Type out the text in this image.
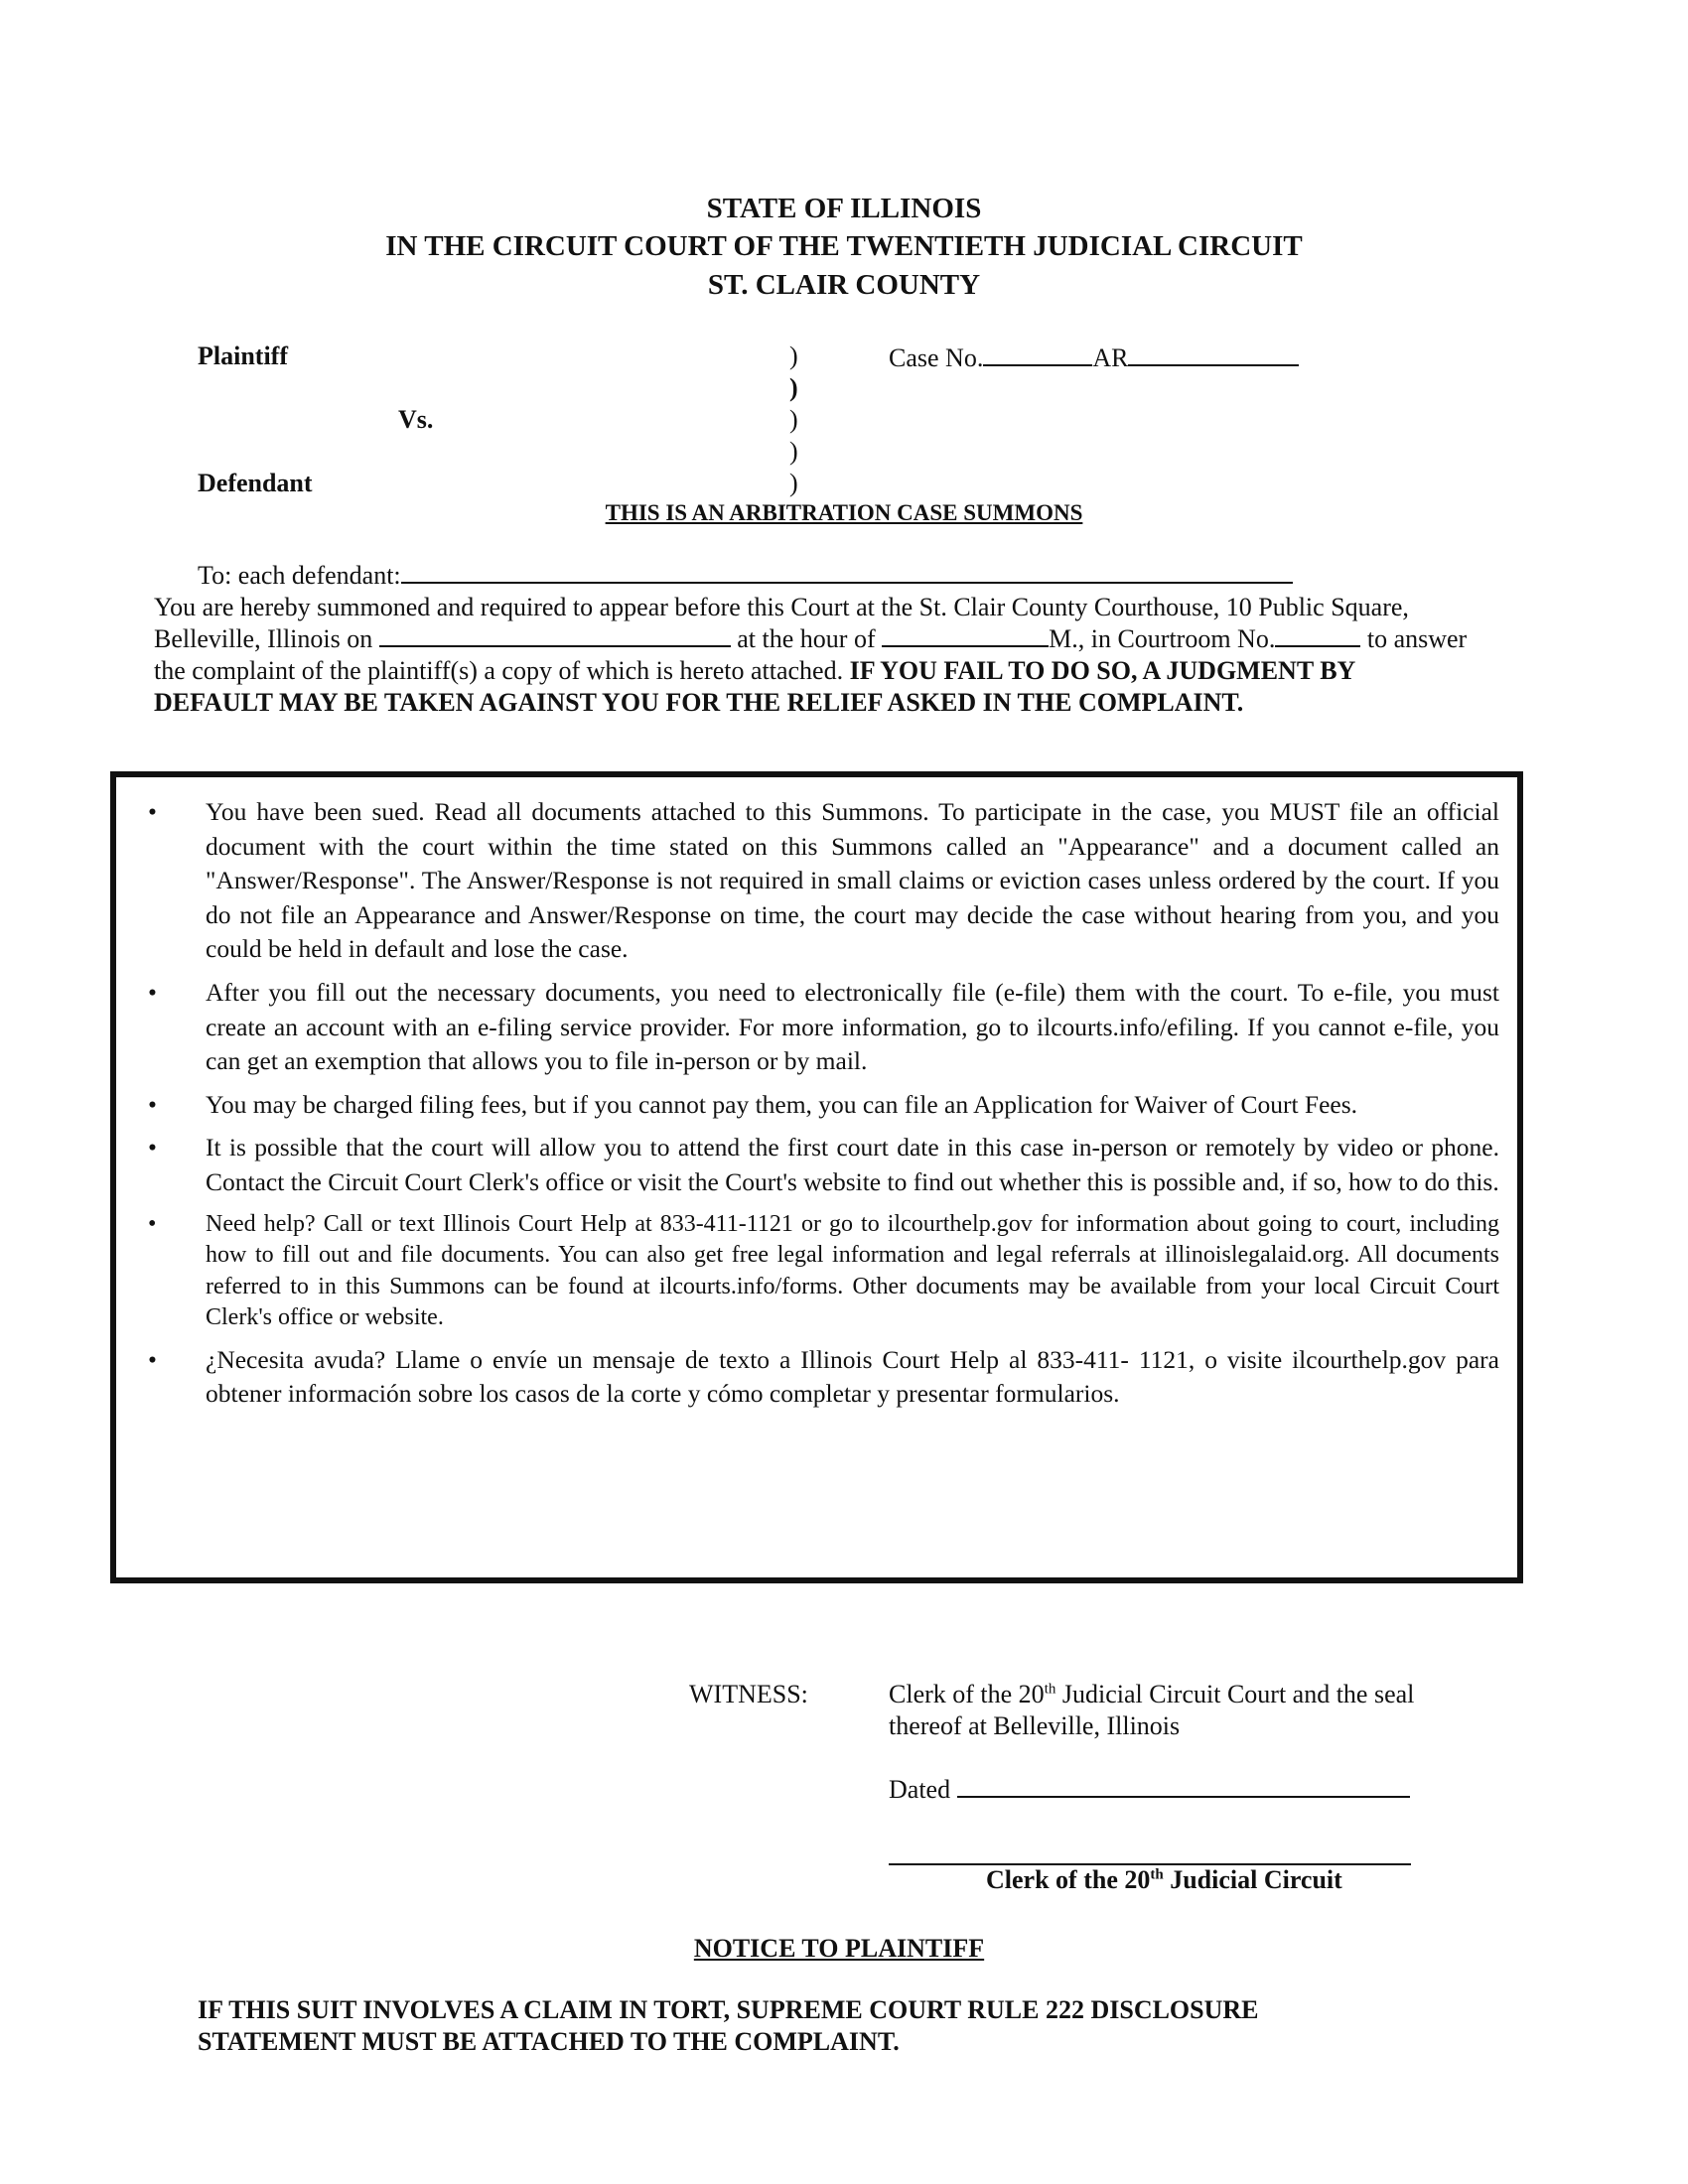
STATE OF ILLINOIS
IN THE CIRCUIT COURT OF THE TWENTIETH JUDICIAL CIRCUIT
ST. CLAIR COUNTY
Plaintiff
Vs.
Defendant
)
)
)
)
)
Case No.	AR
THIS IS AN ARBITRATION CASE SUMMONS
To: each defendant:
You are hereby summoned and required to appear before this Court at the St. Clair County Courthouse, 10 Public Square,
Belleville, Illinois on	at the hour of	M., in Courtroom No.	to answer
the complaint of the plaintiff(s) a copy of which is hereto attached. IF YOU FAIL TO DO SO, A JUDGMENT BY
DEFAULT MAY BE TAKEN AGAINST YOU FOR THE RELIEF ASKED IN THE COMPLAINT.
• You have been sued. Read all documents attached to this Summons. To participate in the case, you MUST file an official document with the court within the time stated on this Summons called an "Appearance" and a document called an "Answer/Response". The Answer/Response is not required in small claims or eviction cases unless ordered by the court. If you do not file an Appearance and Answer/Response on time, the court may decide the case without hearing from you, and you could be held in default and lose the case.
• After you fill out the necessary documents, you need to electronically file (e-file) them with the court. To e-file, you must create an account with an e-filing service provider. For more information, go to ilcourts.info/efiling. If you cannot e-file, you can get an exemption that allows you to file in-person or by mail.
• You may be charged filing fees, but if you cannot pay them, you can file an Application for Waiver of Court Fees.
• It is possible that the court will allow you to attend the first court date in this case in-person or remotely by video or phone. Contact the Circuit Court Clerk's office or visit the Court's website to find out whether this is possible and, if so, how to do this.
• Need help? Call or text Illinois Court Help at 833-411-1121 or go to ilcourthelp.gov for information about going to court, including how to fill out and file documents. You can also get free legal information and legal referrals at illinoislegalaid.org. All documents referred to in this Summons can be found at ilcourts.info/forms. Other documents may be available from your local Circuit Court Clerk's office or website.
• ¿Necesita avuda? Llame o envíe un mensaje de texto a Illinois Court Help al 833-411- 1121, o visite ilcourthelp.gov para obtener información sobre los casos de la corte y cómo completar y presentar formularios.
WITNESS:	Clerk of the 20th Judicial Circuit Court and the seal
thereof at Belleville, Illinois
Dated
Clerk of the 20th Judicial Circuit
NOTICE TO PLAINTIFF
IF THIS SUIT INVOLVES A CLAIM IN TORT, SUPREME COURT RULE 222 DISCLOSURE
STATEMENT MUST BE ATTACHED TO THE COMPLAINT.
